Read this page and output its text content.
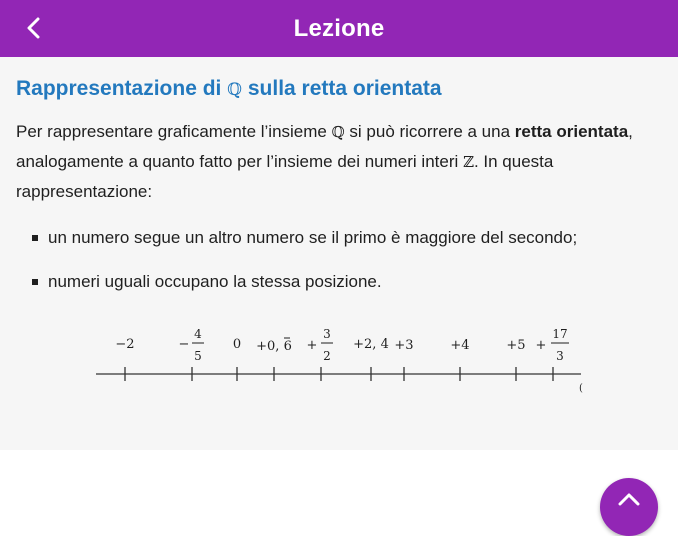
Lezione
Rappresentazione di ℚ sulla retta orientata

Per rappresentare graficamente l’insieme ℚ si può ricorrere a una retta orientata, analogamente a quanto fatto per l’insieme dei numeri interi ℤ. In questa rappresentazione:

un numero segue un altro numero se il primo è maggiore del secondo;
numeri uguali occupano la stessa posizione.
(
−2	−
4
5
0 +0, 6 +
3
2
+2, 4 +3	+4	+5 +
17
3
